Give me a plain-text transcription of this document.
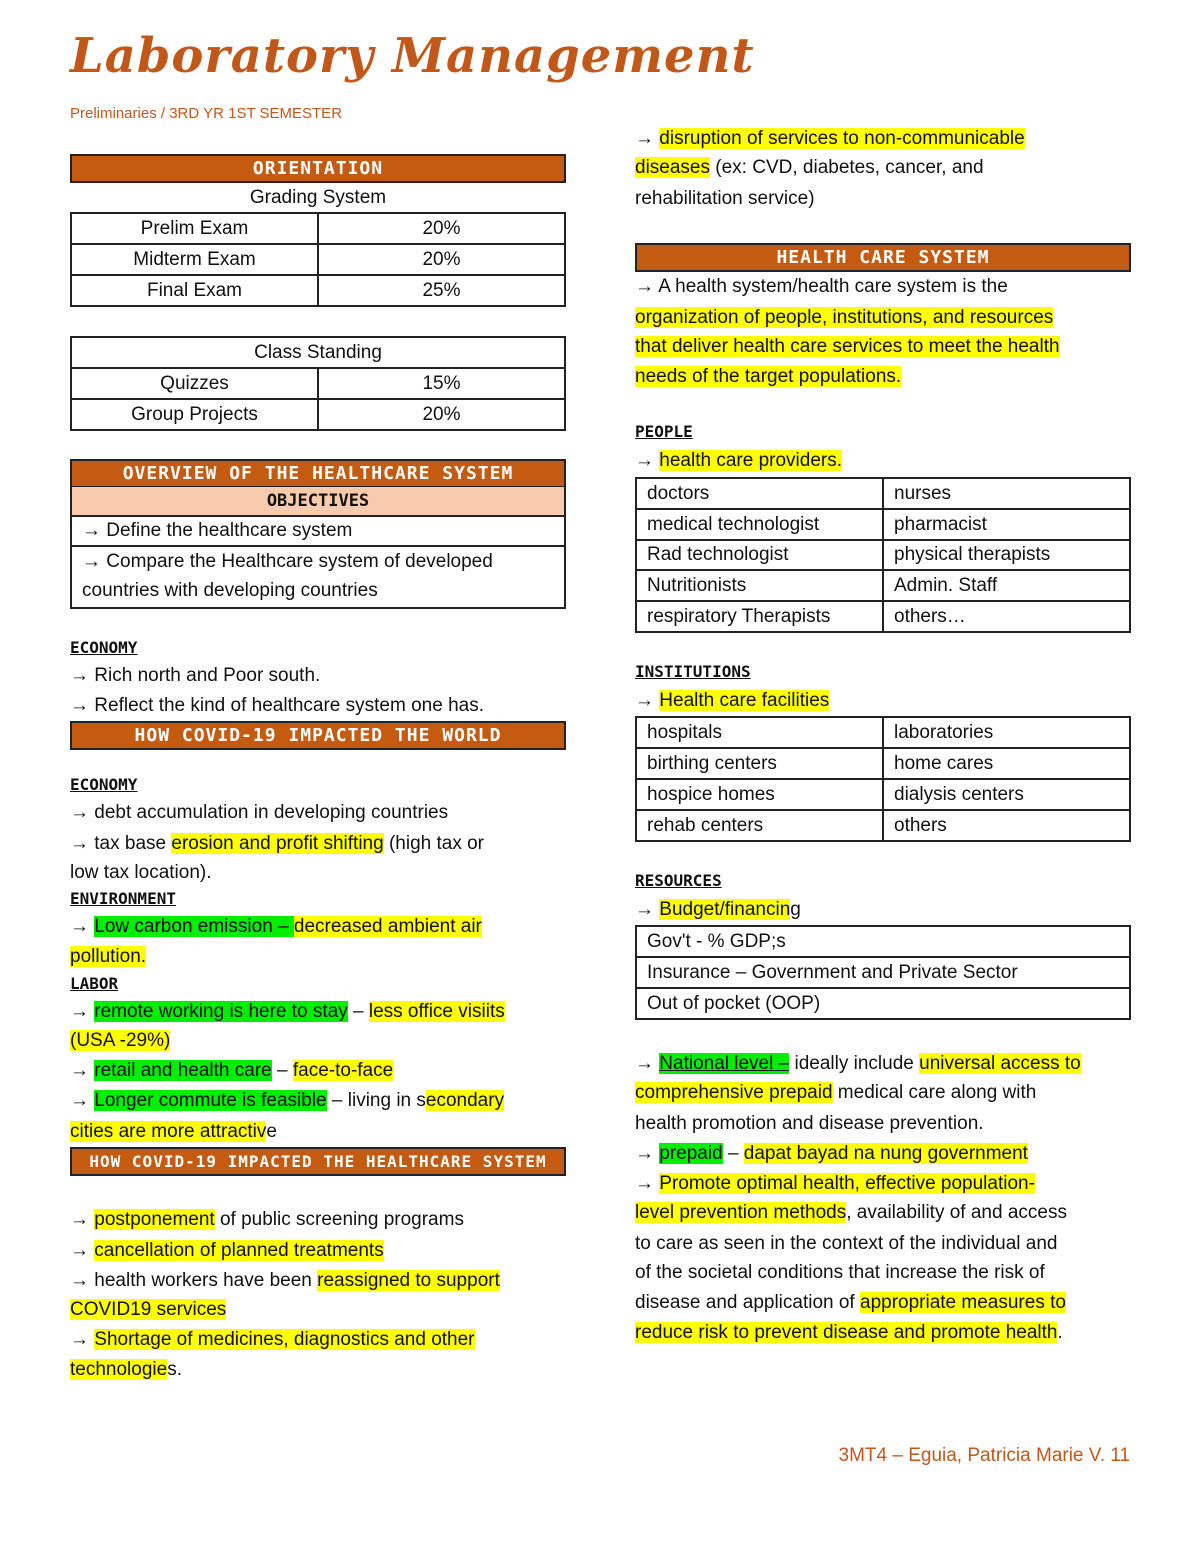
Laboratory Management
Preliminaries / 3RD YR 1ST SEMESTER
ORIENTATION
Grading System
Prelim Exam	20%
Midterm Exam	20%
Final Exam	25%
Class Standing	
Quizzes	15%
Group Projects	20%
OVERVIEW OF THE HEALTHCARE SYSTEM
OBJECTIVES
→ Define the healthcare system
→ Compare the Healthcare system of developed
countries with developing countries
ECONOMY
→ Rich north and Poor south.
→ Reflect the kind of healthcare system one has.
HOW COVID-19 IMPACTED THE WORLD
ECONOMY
→ debt accumulation in developing countries
→ tax base erosion and profit shifting (high tax or
low tax location).
ENVIRONMENT
→ Low carbon emission – decreased ambient air
pollution.
LABOR
→ remote working is here to stay – less office visiits
(USA -29%)
→ retail and health care – face-to-face
→ Longer commute is feasible – living in secondary
cities are more attractive
HOW COVID-19 IMPACTED THE HEALTHCARE SYSTEM
→ postponement of public screening programs
→ cancellation of planned treatments
→ health workers have been reassigned to support
COVID19 services
→ Shortage of medicines, diagnostics and other
technologies.
→ disruption of services to non-communicable
diseases (ex: CVD, diabetes, cancer, and
rehabilitation service)
HEALTH CARE SYSTEM
→ A health system/health care system is the
organization of people, institutions, and resources
that deliver health care services to meet the health
needs of the target populations.
PEOPLE
→ health care providers.
doctors	nurses
medical technologist	pharmacist
Rad technologist	physical therapists
Nutritionists	Admin. Staff
respiratory Therapists	others…
INSTITUTIONS
→ Health care facilities
hospitals	laboratories
birthing centers	home cares
hospice homes	dialysis centers
rehab centers	others
RESOURCES
→ Budget/financing
Gov't - % GDP;s
Insurance – Government and Private Sector
Out of pocket (OOP)
→ National level – ideally include universal access to
comprehensive prepaid medical care along with
health promotion and disease prevention.
→ prepaid – dapat bayad na nung government
→ Promote optimal health, effective population-
level prevention methods, availability of and access
to care as seen in the context of the individual and
of the societal conditions that increase the risk of
disease and application of appropriate measures to
reduce risk to prevent disease and promote health.
3MT4 – Eguia, Patricia Marie V. 11
